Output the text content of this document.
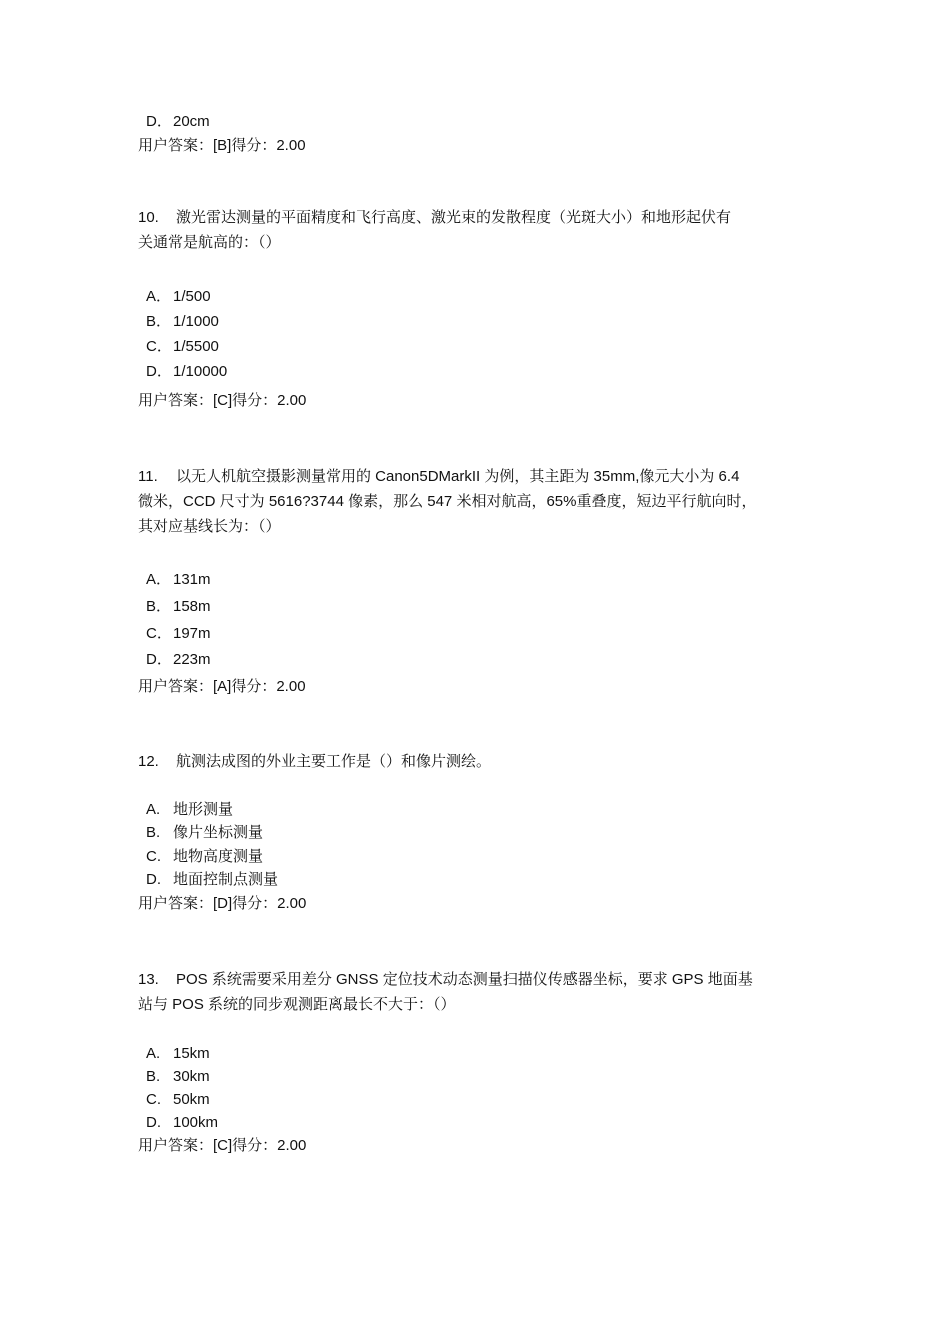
D．20cm
用户答案：[B]得分：2.00
10. 激光雷达测量的平面精度和飞行高度、激光束的发散程度（光斑大小）和地形起伏有
关通常是航高的：（）
A． 1/500
B． 1/1000
C．1/5500
D．1/10000
用户答案：[C]得分：2.00
11. 以无人机航空摄影测量常用的 Canon5DMarkII 为例，其主距为 35mm,像元大小为 6.4
微米，CCD 尺寸为 5616?3744 像素，那么 547 米相对航高，65%重叠度，短边平行航向时，
其对应基线长为：（）
A． 131m
B． 158m
C．197m
D．223m
用户答案：[A]得分：2.00
12. 航测法成图的外业主要工作是（）和像片测绘。
A. 地形测量
B. 像片坐标测量
C. 地物高度测量
D. 地面控制点测量
用户答案：[D]得分：2.00
13. POS 系统需要采用差分 GNSS 定位技术动态测量扫描仪传感器坐标，要求 GPS 地面基
站与 POS 系统的同步观测距离最长不大于：（）
A. 15km
B. 30km
C. 50km
D. 100km
用户答案：[C]得分：2.00
